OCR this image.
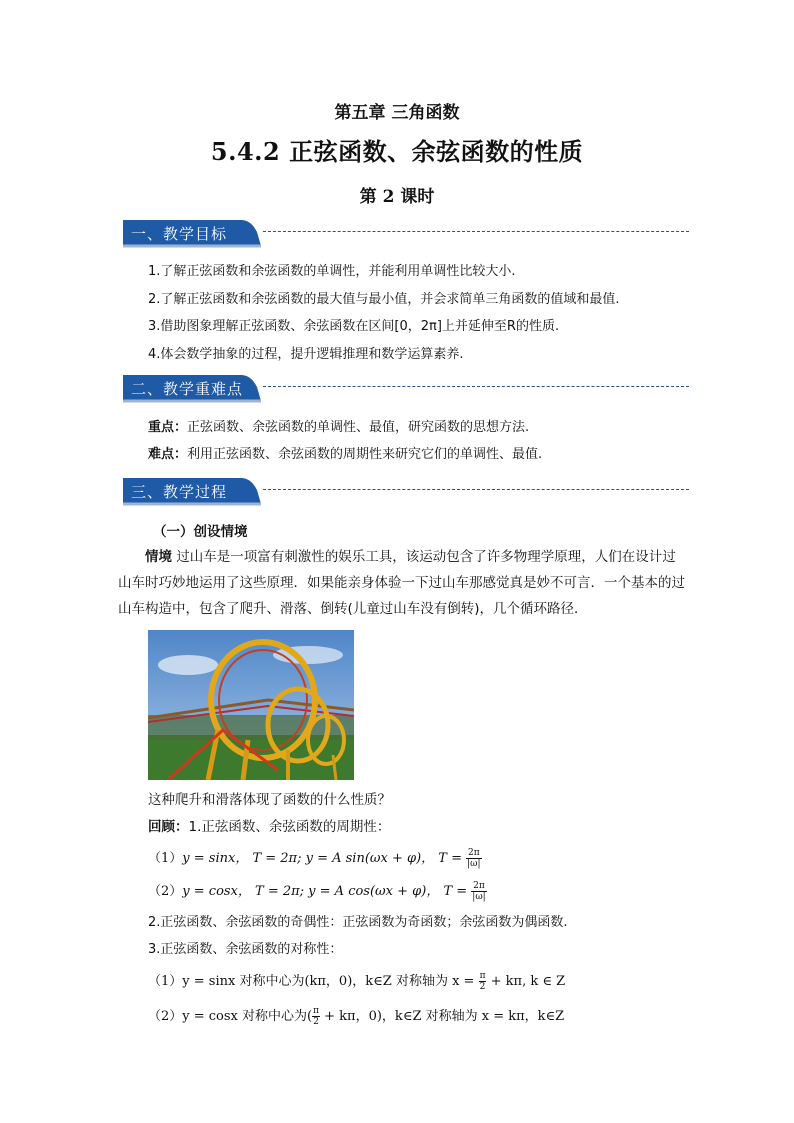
第五章 三角函数
5.4.2 正弦函数、余弦函数的性质
第 2 课时
一、教学目标
1.了解正弦函数和余弦函数的单调性，并能利用单调性比较大小.
2.了解正弦函数和余弦函数的最大值与最小值，并会求简单三角函数的值域和最值.
3.借助图象理解正弦函数、余弦函数在区间[0，2π]上并延伸至R的性质.
4.体会数学抽象的过程，提升逻辑推理和数学运算素养.
二、教学重难点
重点：正弦函数、余弦函数的单调性、最值，研究函数的思想方法.
难点：利用正弦函数、余弦函数的周期性来研究它们的单调性、最值.
三、教学过程
（一）创设情境
情境 过山车是一项富有刺激性的娱乐工具，该运动包含了许多物理学原理，人们在设计过山车时巧妙地运用了这些原理．如果能亲身体验一下过山车那感觉真是妙不可言．一个基本的过山车构造中，包含了爬升、滑落、倒转(儿童过山车没有倒转)，几个循环路径．
这种爬升和滑落体现了函数的什么性质？
回顾：1.正弦函数、余弦函数的周期性：
（1）y = sinx， T = 2π; y = A sin(ωx + φ)， $T = \frac{2\pi}{|\omega|}$
（2）y = cosx， T = 2π; y = A cos(ωx + φ)， $T = \frac{2\pi}{|\omega|}$
2.正弦函数、余弦函数的奇偶性：正弦函数为奇函数；余弦函数为偶函数.
3.正弦函数、余弦函数的对称性：
（1）y = sinx 对称中心为(kπ，0)，k∈Z 对称轴为 $x = \frac{\pi}{2} + k\pi$, k ∈ Z
（2）y = cosx 对称中心为( $\frac{\pi}{2} + k\pi$，0)，k∈Z 对称轴为 x = kπ，k∈Z
